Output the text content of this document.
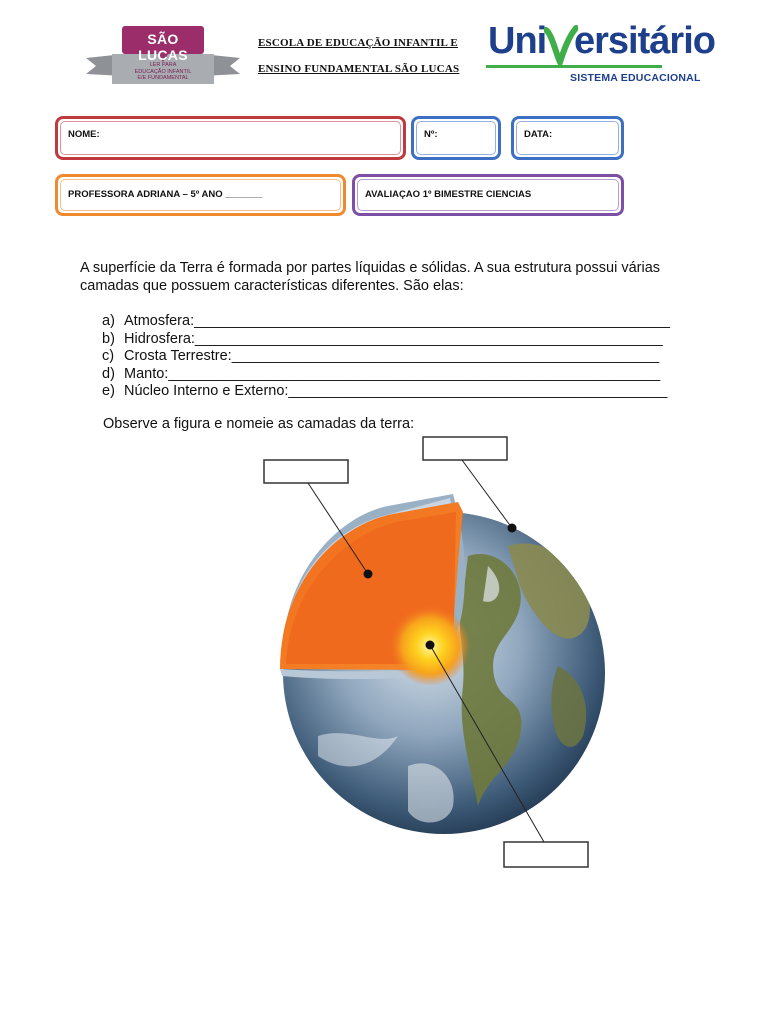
SÃO LUCAS
LER PARA
EDUCAÇÃO INFANTIL
E/E FUNDAMENTAL
ESCOLA DE EDUCAÇÃO INFANTIL E
ENSINO FUNDAMENTAL SÃO LUCAS
Uni ersitário
SISTEMA EDUCACIONAL
NOME:	Nº:	DATA:
PROFESSORA ADRIANA – 5º ANO _______	AVALIAÇAO 1º BIMESTRE CIENCIAS
A superfície da Terra é formada por partes líquidas e sólidas. A sua estrutura possui várias camadas que possuem características diferentes. São elas:
a) Atmosfera:___________________________________________________________
b) Hidrosfera:__________________________________________________________
c) Crosta Terrestre:_____________________________________________________
d) Manto:_____________________________________________________________
e) Núcleo Interno e Externo:_______________________________________________
Observe a figura e nomeie as camadas da terra:
